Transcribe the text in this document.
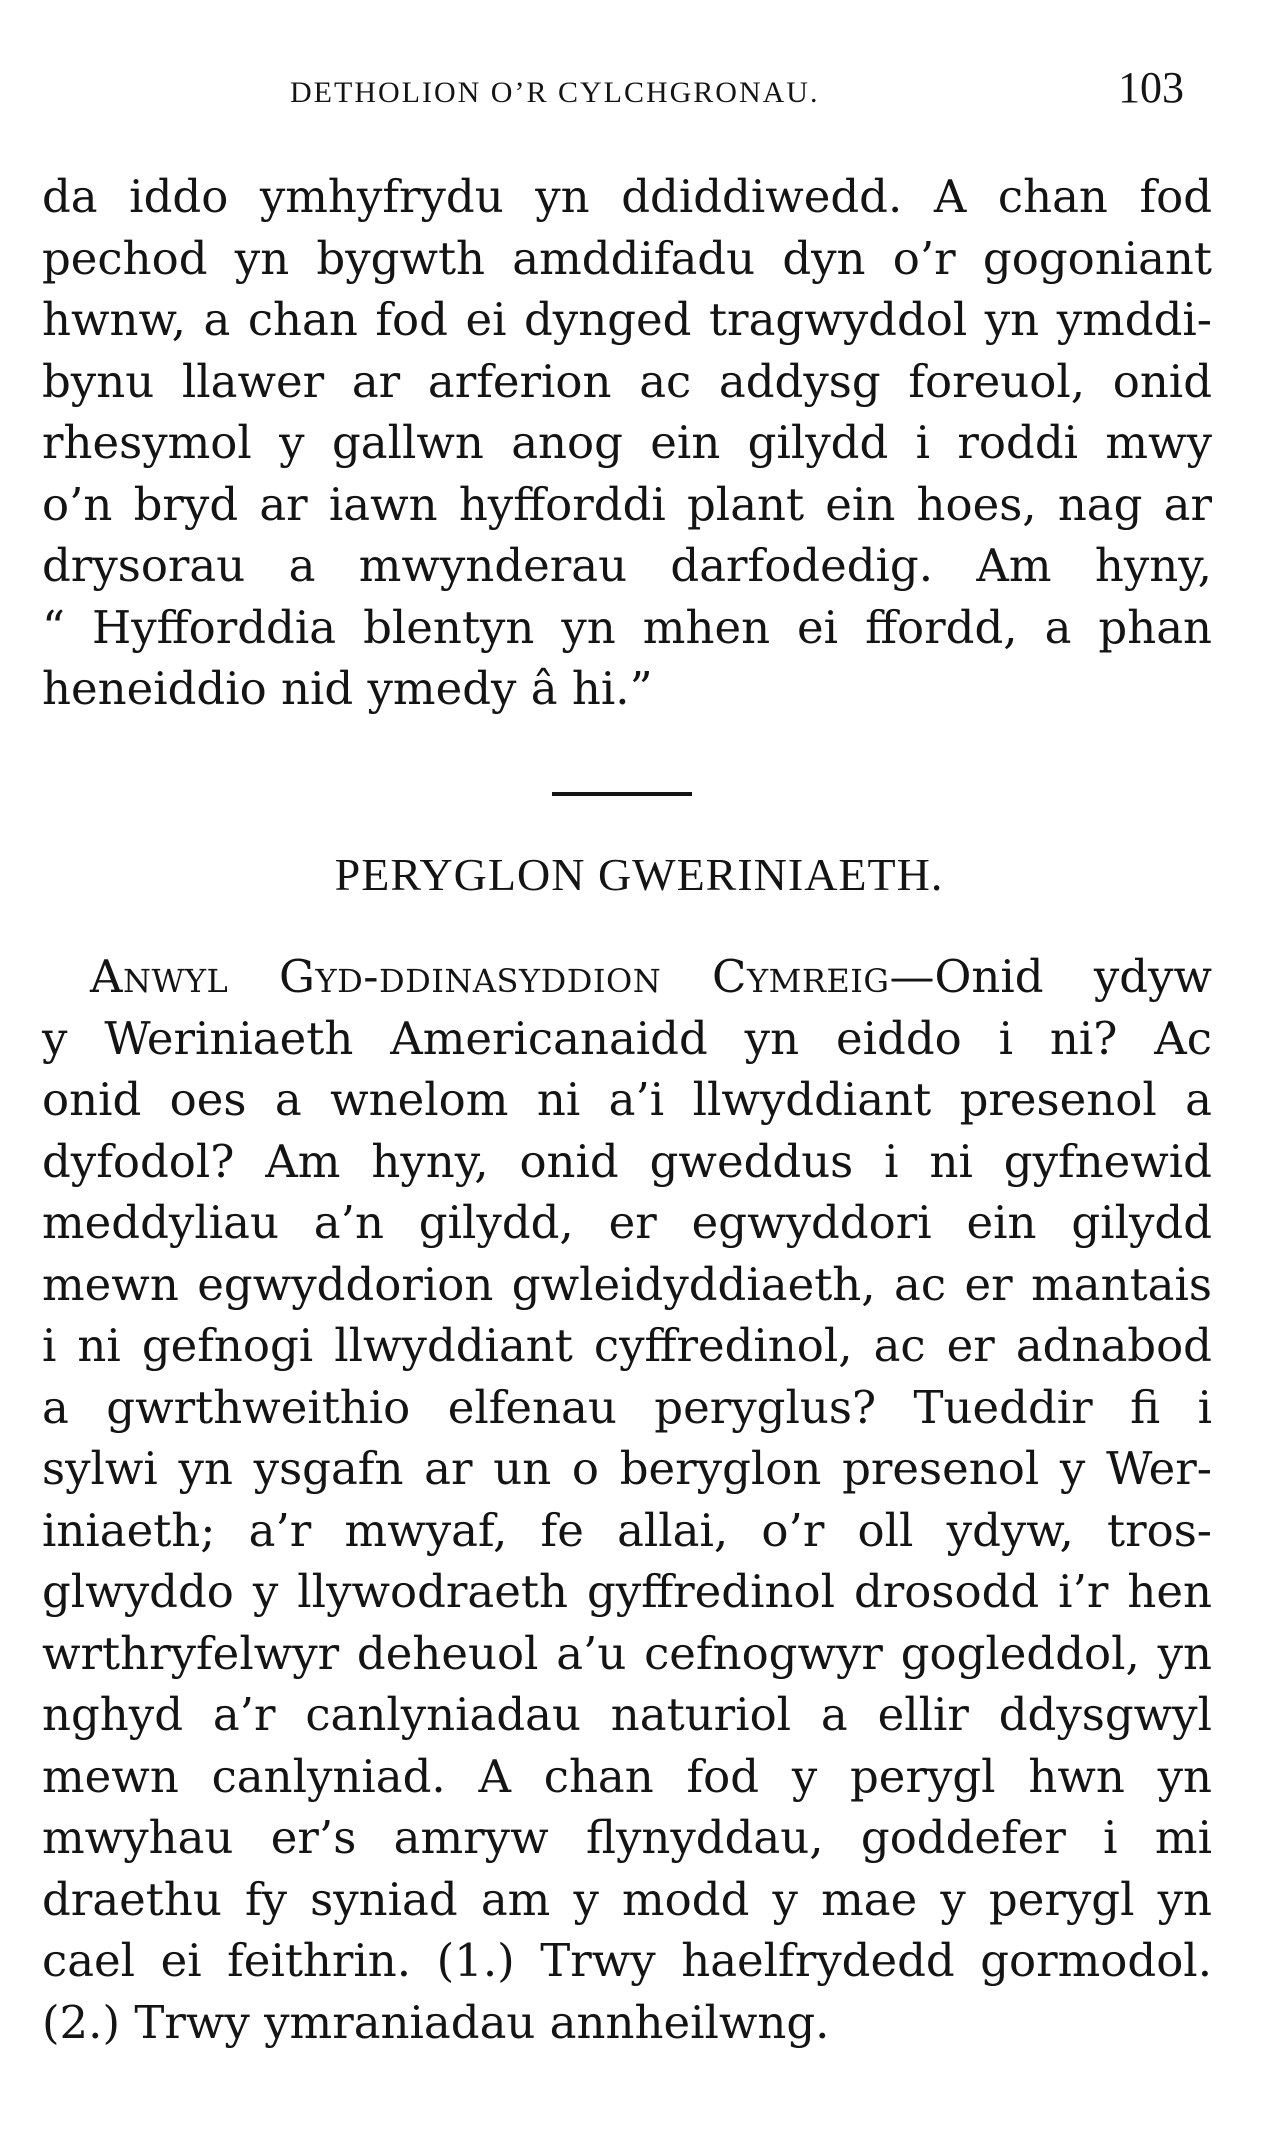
DETHOLION O’R CYLCHGRONAU.	103
da iddo ymhyfrydu yn ddiddiwedd. A chan fod
pechod yn bygwth amddifadu dyn o’r gogoniant
hwnw, a chan fod ei dynged tragwyddol yn ymddi-
bynu llawer ar arferion ac addysg foreuol, onid
rhesymol y gallwn anog ein gilydd i roddi mwy
o’n bryd ar iawn hyfforddi plant ein hoes, nag ar
drysorau a mwynderau darfodedig. Am hyny,
“ Hyfforddia blentyn yn mhen ei ffordd, a phan
heneiddio nid ymedy â hi.”
PERYGLON GWERINIAETH.
Anwyl Gyd-ddinasyddion Cymreig—Onid ydyw
y Weriniaeth Americanaidd yn eiddo i ni? Ac
onid oes a wnelom ni a’i llwyddiant presenol a
dyfodol? Am hyny, onid gweddus i ni gyfnewid
meddyliau a’n gilydd, er egwyddori ein gilydd
mewn egwyddorion gwleidyddiaeth, ac er mantais
i ni gefnogi llwyddiant cyffredinol, ac er adnabod
a gwrthweithio elfenau peryglus? Tueddir fi i
sylwi yn ysgafn ar un o beryglon presenol y Wer-
iniaeth; a’r mwyaf, fe allai, o’r oll ydyw, tros-
glwyddo y llywodraeth gyffredinol drosodd i’r hen
wrthryfelwyr deheuol a’u cefnogwyr gogleddol, yn
nghyd a’r canlyniadau naturiol a ellir ddysgwyl
mewn canlyniad. A chan fod y perygl hwn yn
mwyhau er’s amryw flynyddau, goddefer i mi
draethu fy syniad am y modd y mae y perygl yn
cael ei feithrin. (1.) Trwy haelfrydedd gormodol.
(2.) Trwy ymraniadau annheilwng.
